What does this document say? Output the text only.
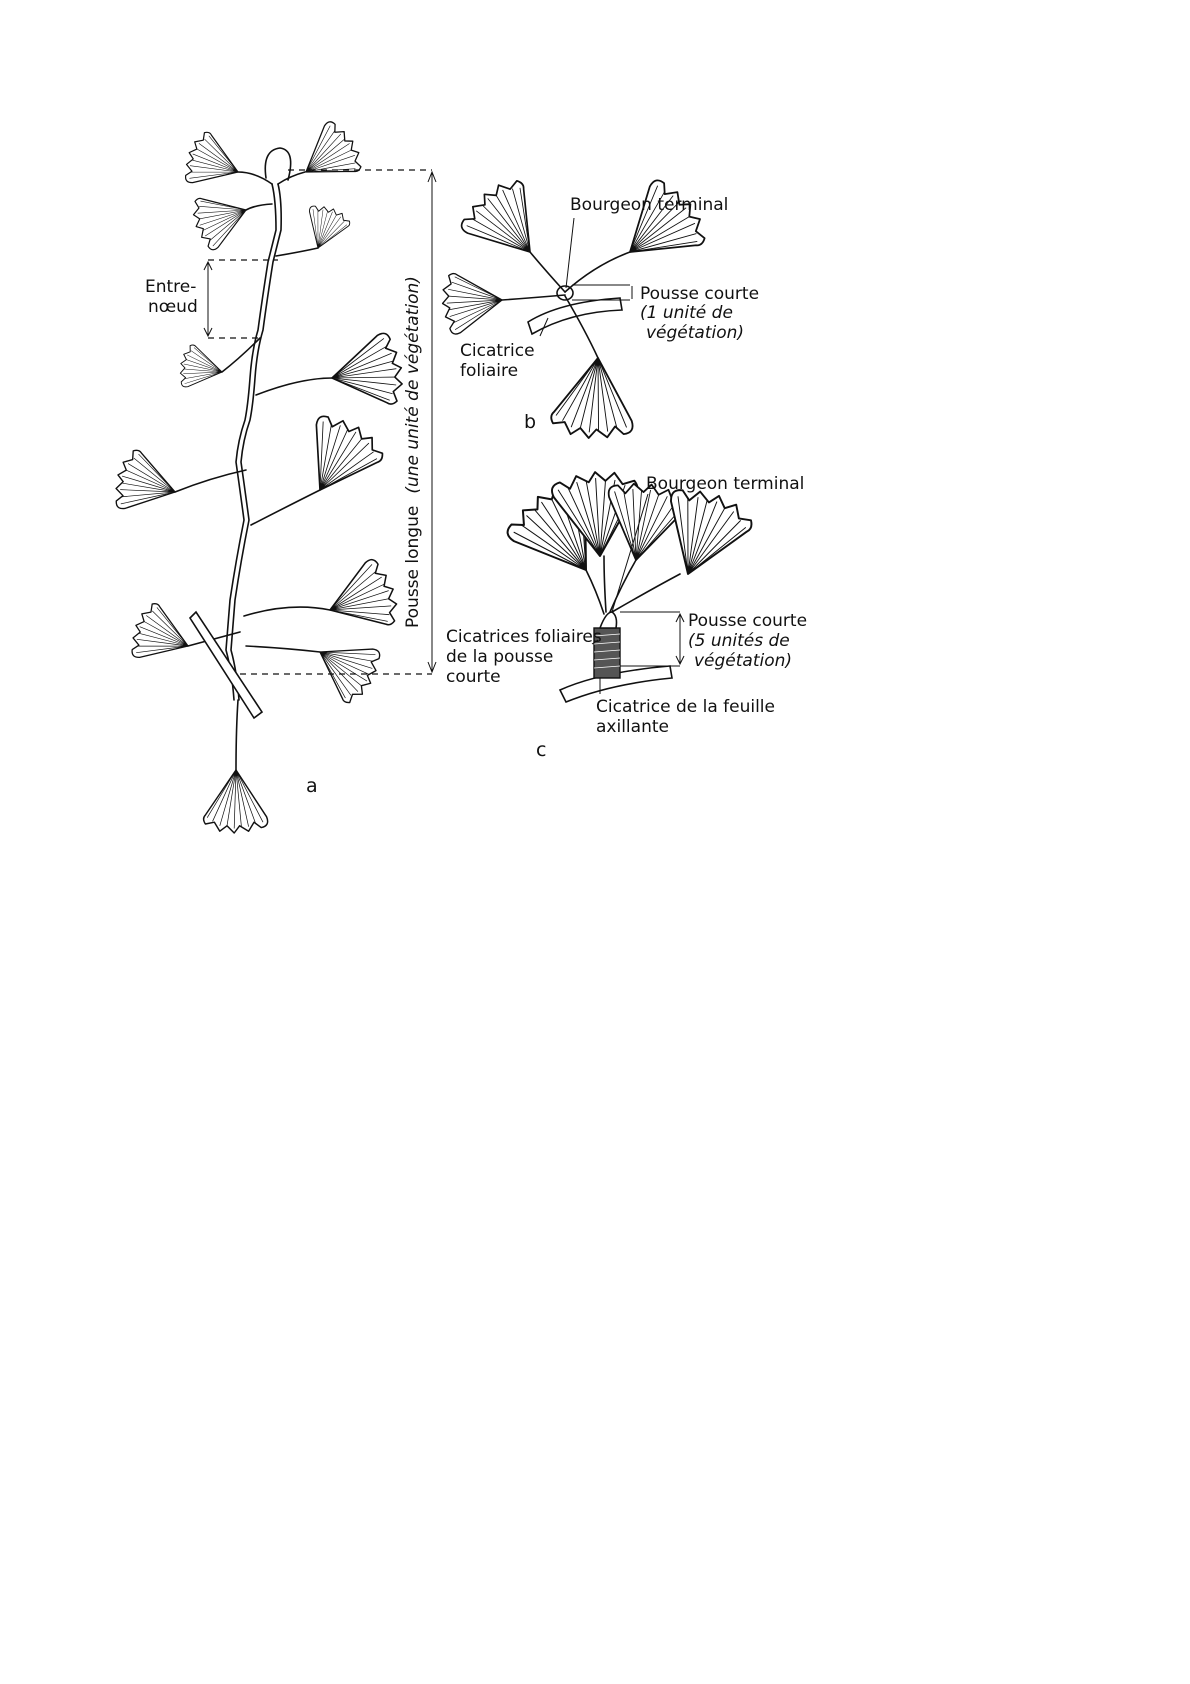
Entre-
nœud
Pousse longue (une unité de végétation)
a
Bourgeon terminal
Pousse courte
(1 unité de
végétation)
Cicatrice
foliaire
b
Bourgeon terminal
Pousse courte
(5 unités de
végétation)
Cicatrices foliaires
de la pousse
courte
Cicatrice de la feuille
axillante
c
